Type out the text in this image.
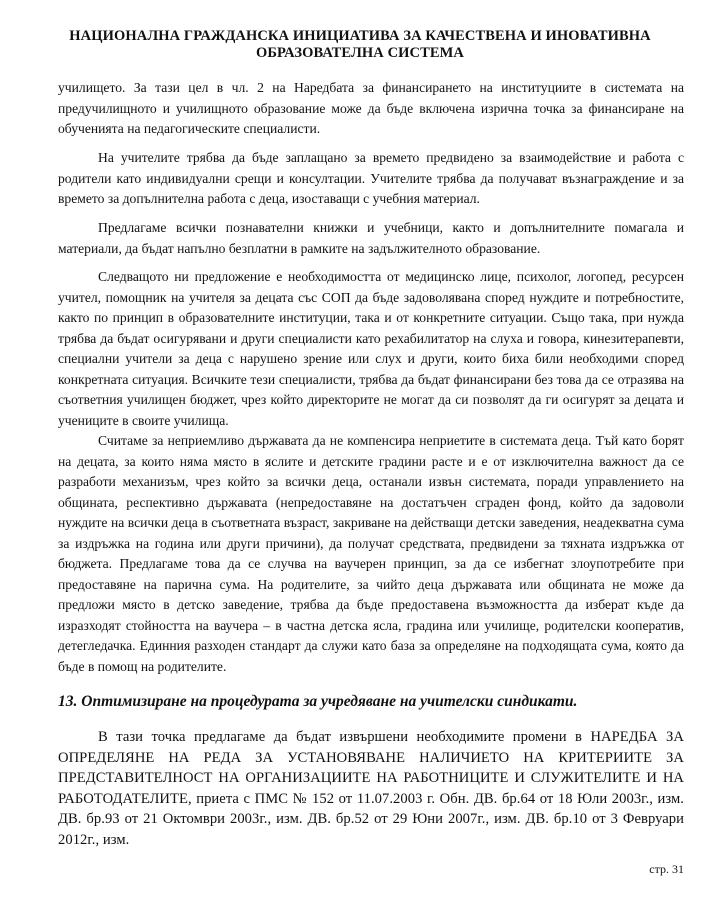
НАЦИОНАЛНА ГРАЖДАНСКА ИНИЦИАТИВА ЗА КАЧЕСТВЕНА И ИНОВАТИВНА
ОБРАЗОВАТЕЛНА СИСТЕМА
училището. За тази цел в чл. 2 на Наредбата за финансирането на институциите в системата на предучилищното и училищното образование може да бъде включена изрична точка за финансиране на обученията на педагогическите специалисти.
На учителите трябва да бъде заплащано за времето предвидено за взаимодействие и работа с родители като индивидуални срещи и консултации. Учителите трябва да получават възнаграждение и за времето за допълнителна работа с деца, изоставащи с учебния материал.
Предлагаме всички познавателни книжки и учебници, както и допълнителните помагала и материали, да бъдат напълно безплатни в рамките на задължителното образование.
Следващото ни предложение е необходимостта от медицинско лице, психолог, логопед, ресурсен учител, помощник на учителя за децата със СОП да бъде задоволявана според нуждите и потребностите, както по принцип в образователните институции, така и от конкретните ситуации. Също така, при нужда трябва да бъдат осигурявани и други специалисти като рехабилитатор на слуха и говора, кинезитерапевти, специални учители за деца с нарушено зрение или слух и други, които биха били необходими според конкретната ситуация. Всичките тези специалисти, трябва да бъдат финансирани без това да се отразява на съответния училищен бюджет, чрез който директорите не могат да си позволят да ги осигурят за децата и учениците в своите училища.
Считаме за неприемливо държавата да не компенсира неприетите в системата деца. Тъй като борят на децата, за които няма място в яслите и детските градини расте и е от изключителна важност да се разработи механизъм, чрез който за всички деца, останали извън системата, поради управлението на общината, респективно държавата (непредоставяне на достатъчен сграден фонд, който да задоволи нуждите на всички деца в съответната възраст, закриване на действащи детски заведения, неадекватна сума за издръжка на година или други причини), да получат средствата, предвидени за тяхната издръжка от бюджета. Предлагаме това да се случва на ваучерен принцип, за да се избегнат злоупотребите при предоставяне на парична сума. На родителите, за чийто деца държавата или общината не може да предложи място в детско заведение, трябва да бъде предоставена възможността да изберат къде да изразходят стойността на ваучера – в частна детска ясла, градина или училище, родителски кооператив, детегледачка. Единния разходен стандарт да служи като база за определяне на подходящата сума, която да бъде в помощ на родителите.
13. Оптимизиране на процедурата за учредяване на учителски синдикати.
В тази точка предлагаме да бъдат извършени необходимите промени в НАРЕДБА ЗА ОПРЕДЕЛЯНЕ НА РЕДА ЗА УСТАНОВЯВАНЕ НАЛИЧИЕТО НА КРИТЕРИИТЕ ЗА ПРЕДСТАВИТЕЛНОСТ НА ОРГАНИЗАЦИИТЕ НА РАБОТНИЦИТЕ И СЛУЖИТЕЛИТЕ И НА РАБОТОДАТЕЛИТЕ, приета с ПМС № 152 от 11.07.2003 г. Обн. ДВ. бр.64 от 18 Юли 2003г., изм. ДВ. бр.93 от 21 Октомври 2003г., изм. ДВ. бр.52 от 29 Юни 2007г., изм. ДВ. бр.10 от 3 Февруари 2012г., изм.
стр. 31
